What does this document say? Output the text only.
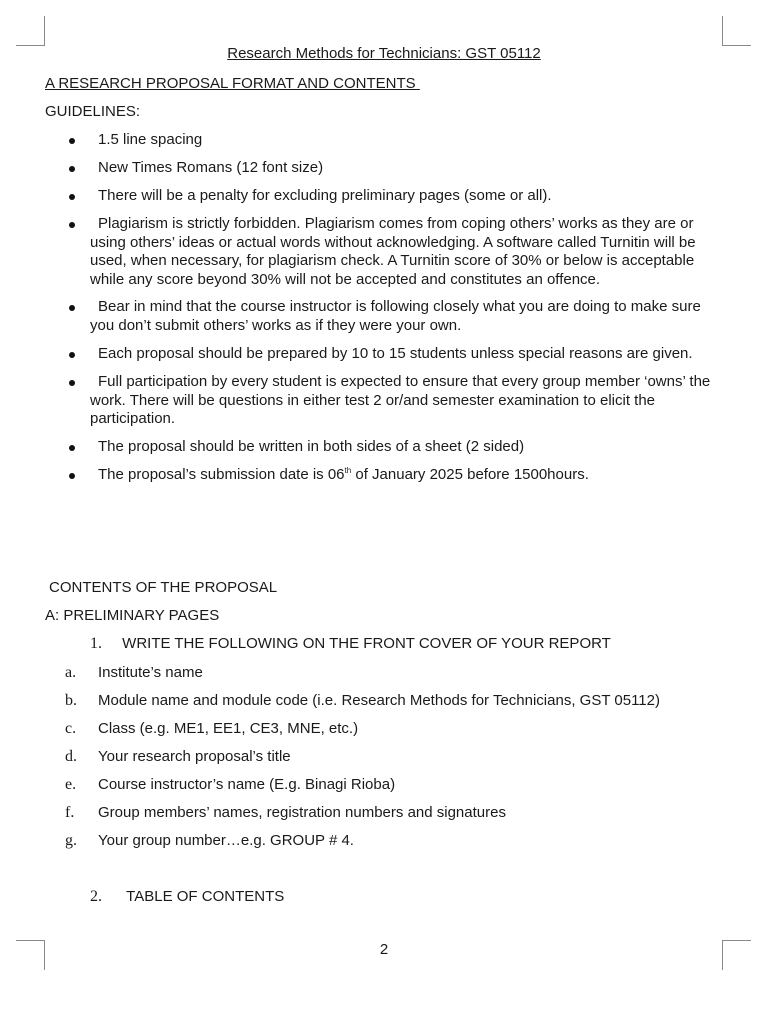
Research Methods for Technicians: GST 05112
A RESEARCH PROPOSAL FORMAT AND CONTENTS
GUIDELINES:
1.5 line spacing
New Times Romans (12 font size)
There will be a penalty for excluding preliminary pages (some or all).
Plagiarism is strictly forbidden. Plagiarism comes from coping others’ works as they are or using others’ ideas or actual words without acknowledging. A software called Turnitin will be used, when necessary, for plagiarism check. A Turnitin score of 30% or below is acceptable while any score beyond 30% will not be accepted and constitutes an offence.
Bear in mind that the course instructor is following closely what you are doing to make sure you don’t submit others’ works as if they were your own.
Each proposal should be prepared by 10 to 15 students unless special reasons are given.
Full participation by every student is expected to ensure that every group member ‘owns’ the work. There will be questions in either test 2 or/and semester examination to elicit the participation.
The proposal should be written in both sides of a sheet (2 sided)
The proposal’s submission date is 06th of January 2025 before 1500hours.
CONTENTS OF THE PROPOSAL
A: PRELIMINARY PAGES
1. WRITE THE FOLLOWING ON THE FRONT COVER OF YOUR REPORT
a. Institute’s name
b. Module name and module code (i.e. Research Methods for Technicians, GST 05112)
c. Class (e.g. ME1, EE1, CE3, MNE, etc.)
d. Your research proposal’s title
e. Course instructor’s name (E.g. Binagi Rioba)
f. Group members’ names, registration numbers and signatures
g. Your group number…e.g. GROUP # 4.
2. TABLE OF CONTENTS
2
